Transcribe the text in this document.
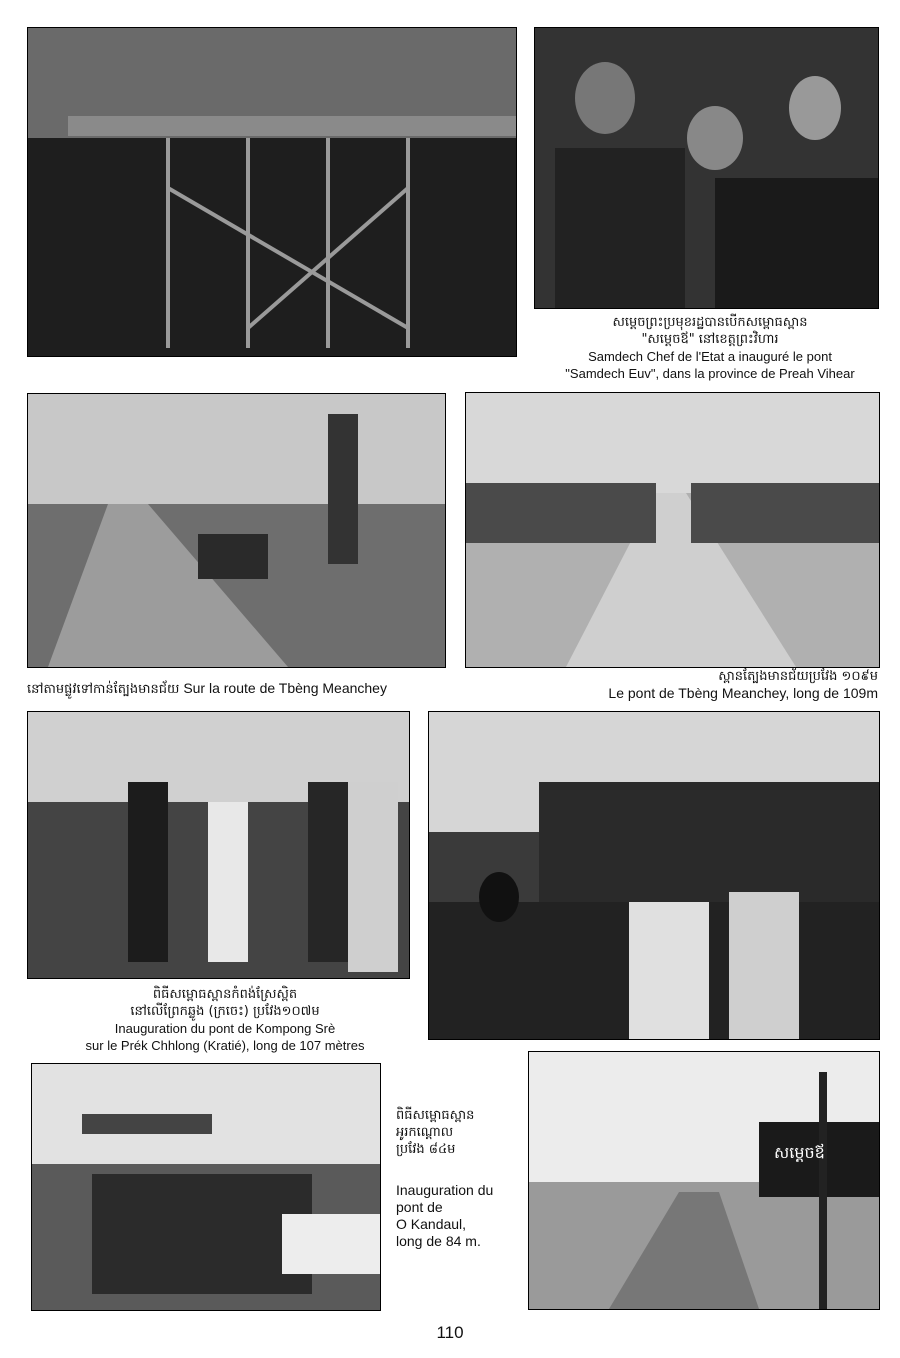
សម្ដេចព្រះប្រមុខរដ្ឋបានបើកសម្ពោធស្ពាន
"សម្ដេចឪ" នៅខេត្តព្រះវិហារ
Samdech Chef de l'Etat a inauguré le pont
"Samdech Euv", dans la province de Preah Vihear
នៅតាមផ្លូវទៅកាន់ត្បែងមានជ័យ Sur la route de Tbèng Meanchey
ស្ពានត្បែងមានជ័យប្រវែង ១០៩ម
Le pont de Tbèng Meanchey, long de 109m
ពិធីសម្ពោធស្ពានកំពង់ស្រែស្ពិត
នៅលើព្រែកឆ្លូង (ក្រចេះ) ប្រវែង១០៧ម
Inauguration du pont de Kompong Srè
sur le Prék Chhlong (Kratié), long de 107 mètres
ពិធីសម្ពោធស្ពាន
អូរកណ្ដោល
ប្រវែង ៨៤ម
Inauguration du
pont de
O Kandaul,
long de 84 m.
សម្ដេចឪ
110
